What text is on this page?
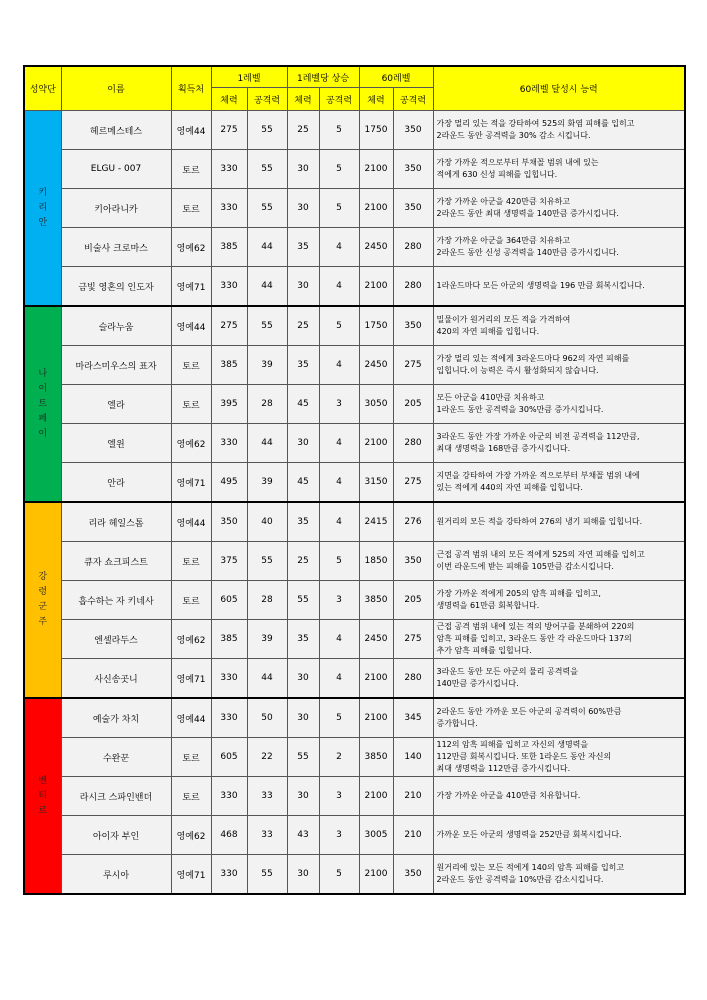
성약단	이름	획득처	1레벨		1레벨당 상승		60레벨		60레벨 달성시 능력
			체력	공격력	체력	공격력	체력	공격력	
키리안	헤르메스테스	영예44	275	55	25	5	1750	350	가장 멀리 있는 적을 강타하여 525의 화염 피해를 입히고
2라운드 동안 공격력을 30% 감소 시킵니다.
	ELGU - 007	토르	330	55	30	5	2100	350	가장 가까운 적으로부터 부채꼴 범위 내에 있는
적에게 630 신성 피해를 입힙니다.
	키아라니카	토르	330	55	30	5	2100	350	가장 가까운 아군을 420만큼 치유하고
2라운드 동안 최대 생명력을 140만큼 증가시킵니다.
	비술사 크로마스	영예62	385	44	35	4	2450	280	가장 가까운 아군을 364만큼 치유하고
2라운드 동안 신성 공격력을 140만큼 증가시킵니다.
	금빛 영혼의 인도자	영예71	330	44	30	4	2100	280	1라운드마다 모든 아군의 생명력을 196 만큼 회복시킵니다.
나이트페이	슬라누움	영예44	275	55	25	5	1750	350	밀물이가 원거리의 모든 적을 가격하여
420의 자연 피해를 입힙니다.
	마라스미우스의 표자	토르	385	39	35	4	2450	275	가장 멀리 있는 적에게 3라운드마다 962의 자연 피해를
입힙니다.이 능력은 즉시 활성화되지 않습니다.
	엘라	토르	395	28	45	3	3050	205	모든 아군을 410만큼 치유하고
1라운드 동안 공격력을 30%만큼 증가시킵니다.
	엘윈	영예62	330	44	30	4	2100	280	3라운드 동안 가장 가까운 아군의 비전 공격력을 112만큼,
최대 생명력을 168만큼 증가시킵니다.
	안라	영예71	495	39	45	4	3150	275	지면을 강타하여 가장 가까운 적으로부터 부채꼴 범위 내에
있는 적에게 440의 자연 피해를 입힙니다.
강령군주	리라 헤일스톰	영예44	350	40	35	4	2415	276	원거리의 모든 적을 강타하여 276의 냉기 피해를 입힙니다.
	큐자 쇼크피스트	토르	375	55	25	5	1850	350	근접 공격 범위 내의 모든 적에게 525의 자연 피해를 입히고
이번 라운드에 받는 피해를 105만큼 감소시킵니다.
	흡수하는 자 키네사	토르	605	28	55	3	3850	205	가장 가까운 적에게 205의 암흑 피해를 입히고,
생명력을 61만큼 회복합니다.
	엔셀라두스	영예62	385	39	35	4	2450	275	근접 공격 범위 내에 있는 적의 방어구를 분쇄하여 220의
암흑 피해를 입히고, 3라운드 동안 각 라운드마다 137의
추가 암흑 피해를 입힙니다.
	사신송곳니	영예71	330	44	30	4	2100	280	3라운드 동안 모든 아군의 물리 공격력을
140만큼 증가시킵니다.
벤티르	예술가 차치	영예44	330	50	30	5	2100	345	2라운드 동안 가까운 모든 아군의 공격력이 60%만큼
증가합니다.
	수완꾼	토르	605	22	55	2	3850	140	112의 암흑 피해를 입히고 자신의 생명력을
112만큼 회복시킵니다. 또한 1라운드 동안 자신의
최대 생명력을 112만큼 증가시킵니다.
	라시크 스파인밴더	토르	330	33	30	3	2100	210	가장 가까운 아군을 410만큼 치유합니다.
	아이자 부인	영예62	468	33	43	3	3005	210	가까운 모든 아군의 생명력을 252만큼 회복시킵니다.
	루시아	영예71	330	55	30	5	2100	350	원거리에 있는 모든 적에게 140의 암흑 피해를 입히고
2라운드 동안 공격력을 10%만큼 감소시킵니다.
